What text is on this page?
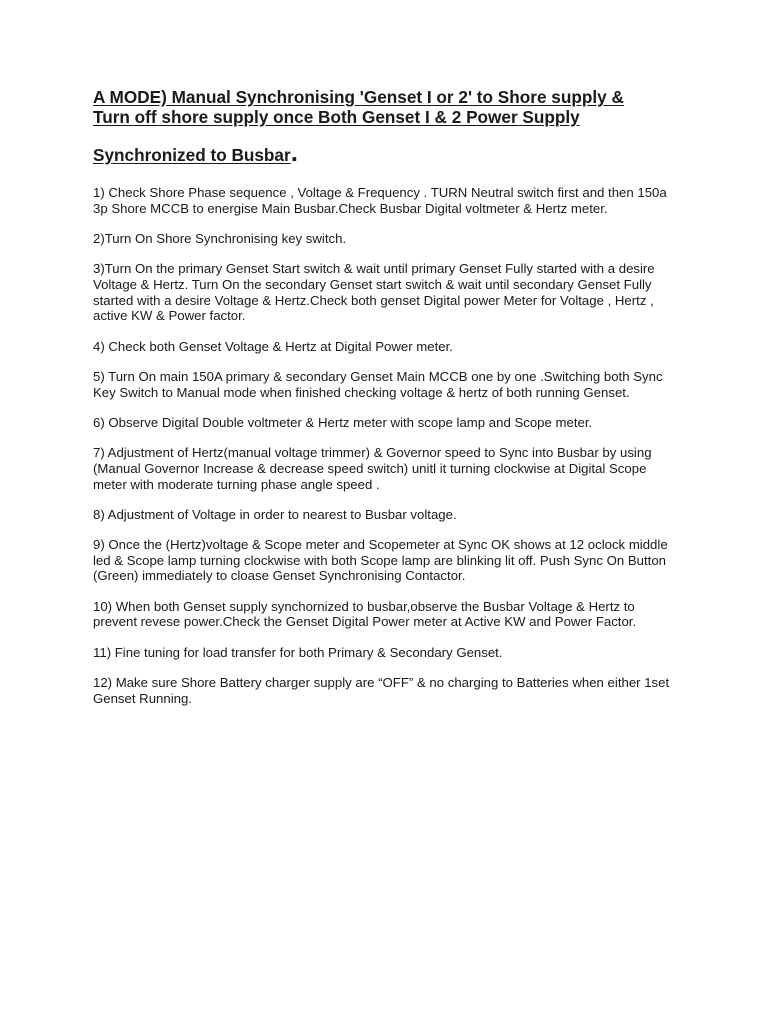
A MODE) Manual Synchronising 'Genset I or 2' to Shore supply &
Turn off shore supply once Both Genset I & 2 Power Supply
Synchronized to Busbar.

1) Check Shore Phase sequence , Voltage & Frequency . TURN Neutral switch first and then 150a 3p Shore MCCB to energise Main Busbar.Check Busbar Digital voltmeter & Hertz meter.

2)Turn On Shore Synchronising key switch.

3)Turn On the primary Genset Start switch & wait until primary Genset Fully started with a desire Voltage & Hertz. Turn On the secondary Genset start switch & wait until secondary Genset Fully started with a desire Voltage & Hertz.Check both genset Digital power Meter for Voltage , Hertz , active KW & Power factor.

4) Check both Genset Voltage & Hertz at Digital Power meter.

5) Turn On main 150A primary & secondary Genset Main MCCB one by one .Switching both Sync Key Switch to Manual mode when finished checking voltage & hertz of both running Genset.

6) Observe Digital Double voltmeter & Hertz meter with scope lamp and Scope meter.

7) Adjustment of Hertz(manual voltage trimmer) & Governor speed to Sync into Busbar by using (Manual Governor Increase & decrease speed switch) unitl it turning clockwise at Digital Scope meter with moderate turning phase angle speed .

8) Adjustment of Voltage in order to nearest to Busbar voltage.

9) Once the (Hertz)voltage & Scope meter and Scopemeter at Sync OK shows at 12 oclock middle led & Scope lamp turning clockwise with both Scope lamp are blinking lit off. Push Sync On Button (Green) immediately to cloase Genset Synchronising Contactor.

10) When both Genset supply synchornized to busbar,observe the Busbar Voltage & Hertz to prevent revese power.Check the Genset Digital Power meter at Active KW and Power Factor.

11) Fine tuning for load transfer for both Primary & Secondary Genset.

12) Make sure Shore Battery charger supply are “OFF” & no charging to Batteries when either 1set Genset Running.
